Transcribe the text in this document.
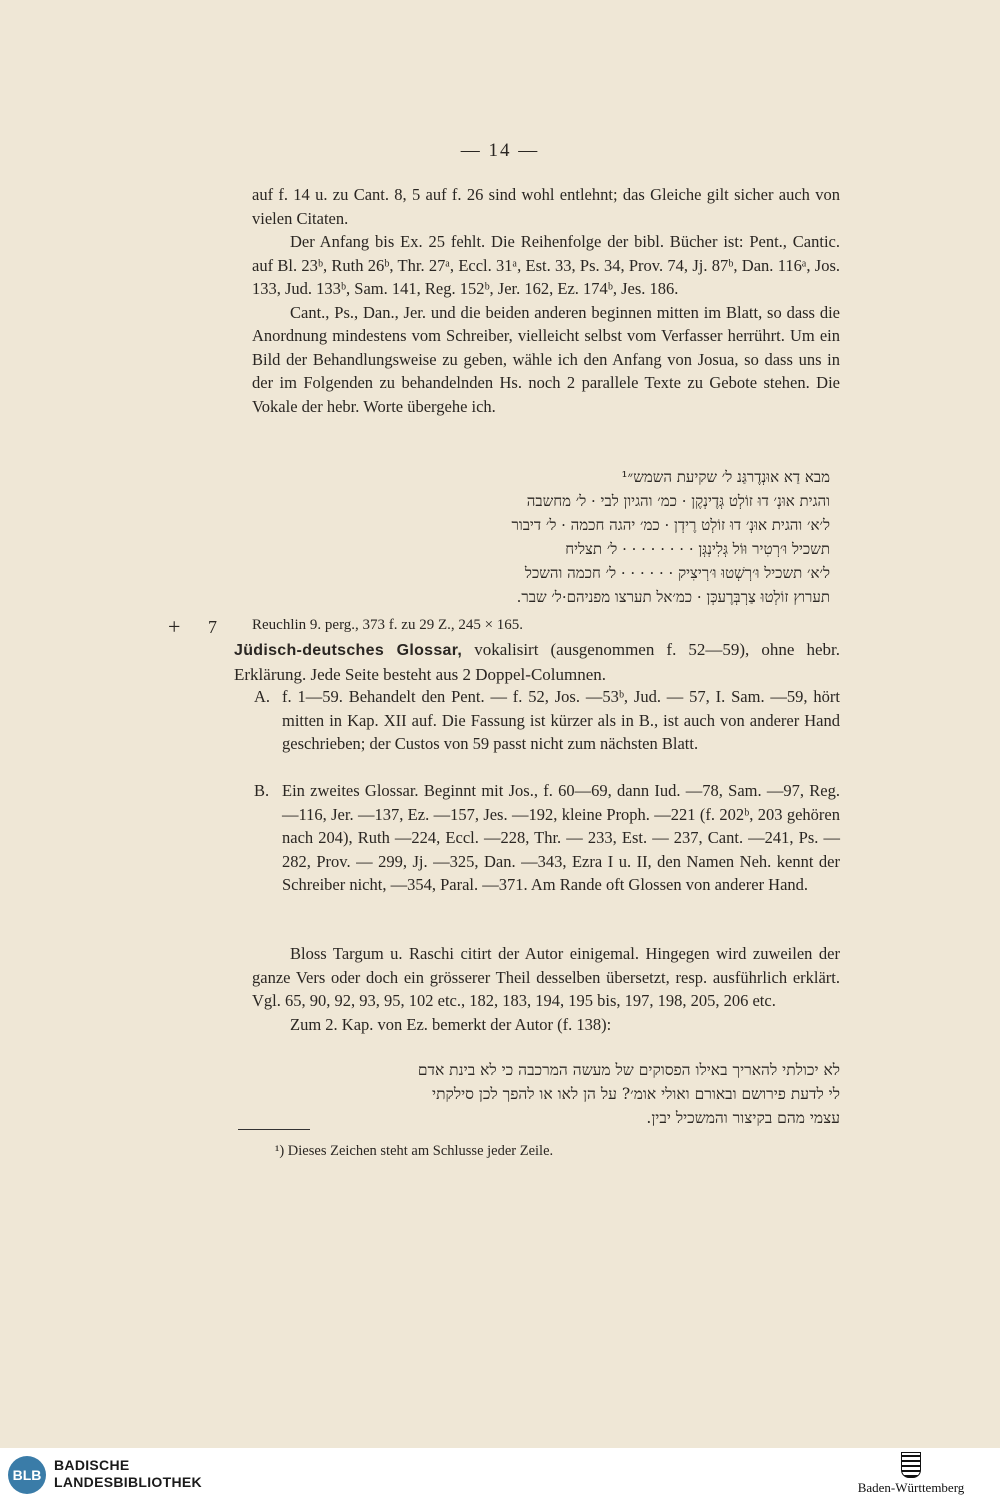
— 14 —

auf f. 14 u. zu Cant. 8, 5 auf f. 26 sind wohl entlehnt; das Gleiche gilt sicher auch von vielen Citaten.

Der Anfang bis Ex. 25 fehlt. Die Reihenfolge der bibl. Bücher ist: Pent., Cantic. auf Bl. 23ᵇ, Ruth 26ᵇ, Thr. 27ᵃ, Eccl. 31ᵃ, Est. 33, Ps. 34, Prov. 74, Jj. 87ᵇ, Dan. 116ᵃ, Jos. 133, Jud. 133ᵇ, Sam. 141, Reg. 152ᵇ, Jer. 162, Ez. 174ᵇ, Jes. 186.

Cant., Ps., Dan., Jer. und die beiden anderen beginnen mitten im Blatt, so dass die Anordnung mindestens vom Schreiber, vielleicht selbst vom Verfasser herrührt. Um ein Bild der Behandlungsweise zu geben, wähle ich den Anfang von Josua, so dass uns in der im Folgenden zu behandelnden Hs. noch 2 parallele Texte zu Gebote stehen. Die Vokale der hebr. Worte übergehe ich.

מבא דַא אוּנְדֶרגַּנ ל׳ שקיעת השמש״¹
והגית אוּנְ׳ דוּ זוֹלְט גְּדֶינְקֶן · כמ׳ והגיון לבי · ל׳ מחשבה
ל׳א׳ והגית אוּנְ׳ דוּ זוֹלְט רֶידְן · כמ׳ יהגה חכמה · ל׳ דיבור
תשכיל וּ׳רְטִיר וּוֹל גְּלִינְגְּן · · · · · · · · ל׳ תצליח
ל׳א׳ תשכיל וּ׳רְשְׁטוּ וּ׳רְיצִיק · · · · · · ל׳ חכמה והשכל
תערוץ זוֹלְטוּ צַרְבְּרֶעכְּן · כמ׳אל תערצו מפניהם·ל׳ שבר.
+ 7 Reuchlin 9. perg., 373 f. zu 29 Z., 245 × 165.

Jüdisch-deutsches Glossar, vokalisirt (ausgenommen f. 52—59), ohne hebr. Erklärung. Jede Seite besteht aus 2 Doppel-Columnen.

A. f. 1—59. Behandelt den Pent. — f. 52, Jos. —53ᵇ, Jud. — 57, I. Sam. —59, hört mitten in Kap. XII auf. Die Fassung ist kürzer als in B., ist auch von anderer Hand geschrieben; der Custos von 59 passt nicht zum nächsten Blatt.

B. Ein zweites Glossar. Beginnt mit Jos., f. 60—69, dann Iud. —78, Sam. —97, Reg. —116, Jer. —137, Ez. —157, Jes. —192, kleine Proph. —221 (f. 202ᵇ, 203 gehören nach 204), Ruth —224, Eccl. —228, Thr. — 233, Est. — 237, Cant. —241, Ps. —282, Prov. — 299, Jj. —325, Dan. —343, Ezra I u. II, den Namen Neh. kennt der Schreiber nicht, —354, Paral. —371. Am Rande oft Glossen von anderer Hand.

Bloss Targum u. Raschi citirt der Autor einigemal. Hingegen wird zuweilen der ganze Vers oder doch ein grösserer Theil desselben übersetzt, resp. ausführlich erklärt. Vgl. 65, 90, 92, 93, 95, 102 etc., 182, 183, 194, 195 bis, 197, 198, 205, 206 etc.

Zum 2. Kap. von Ez. bemerkt der Autor (f. 138):

לא יכולתי להאריך באילו הפסוקים של מעשה המרכבה כי לא בינת אדם
לי לדעת פירושם ובאורם ואולי אומ׳? על הן לאו או להפך לכן סילקתי
עצמי מהם בקיצור והמשכיל יבין.
¹) Dieses Zeichen steht am Schlusse jeder Zeile.
BLB
BADISCHE
LANDESBIBLIOTHEK	Baden-Württemberg
